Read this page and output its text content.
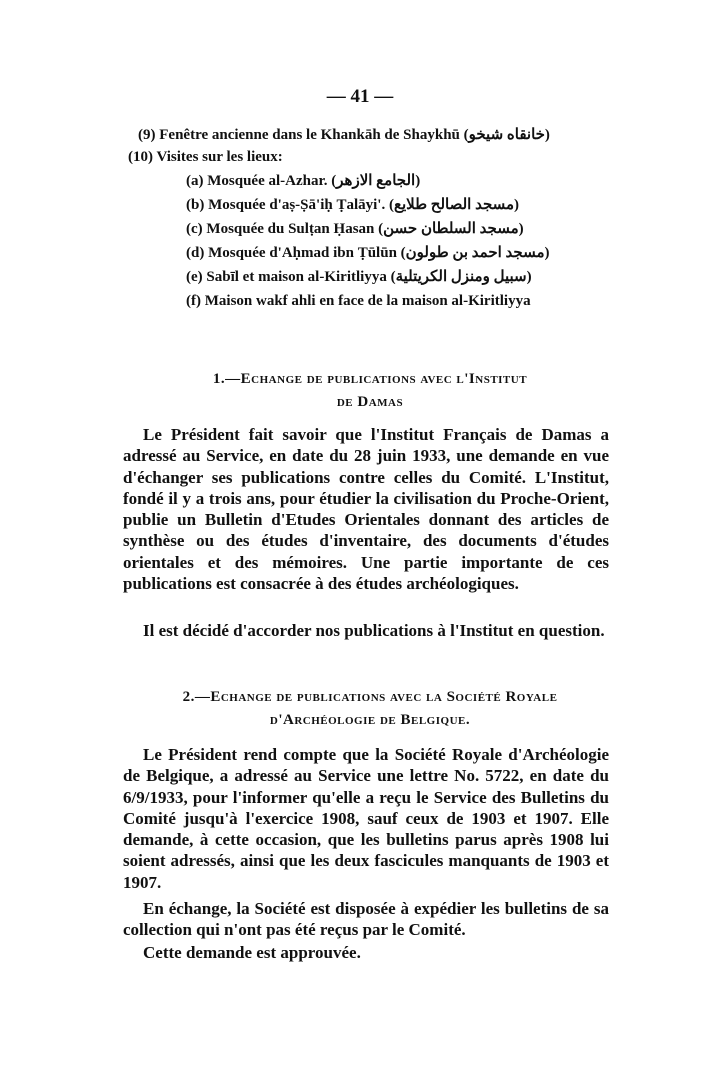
— 41 —
(9) Fenêtre ancienne dans le Khankāh de Shaykhū (خانقاه شيخو)
(10) Visites sur les lieux:
(a) Mosquée al-Azhar. (الجامع الازهر)
(b) Mosquée d'aṣ-Ṣā'iḥ Ṭalāyi'. (مسجد الصالح طلايع)
(c) Mosquée du Sulṭan Ḥasan (مسجد السلطان حسن)
(d) Mosquée d'Aḥmad ibn Ṭūlūn (مسجد احمد بن طولون)
(e) Sabīl et maison al-Kiritliyya (سبيل ومنزل الكريتلية)
(f) Maison wakf ahli en face de la maison al-Kiritliyya
1.—Echange de publications avec l'Institut
de Damas
Le Président fait savoir que l'Institut Français de Damas a adressé au Service, en date du 28 juin 1933, une demande en vue d'échanger ses publications contre celles du Comité. L'Institut, fondé il y a trois ans, pour étudier la civilisation du Proche-Orient, publie un Bulletin d'Etudes Orientales donnant des articles de synthèse ou des études d'inventaire, des documents d'études orientales et des mémoires. Une partie importante de ces publications est consacrée à des études archéologiques.
Il est décidé d'accorder nos publications à l'Institut en question.
2.—Echange de publications avec la Société Royale
d'Archéologie de Belgique.
Le Président rend compte que la Société Royale d'Archéologie de Belgique, a adressé au Service une lettre No. 5722, en date du 6/9/1933, pour l'informer qu'elle a reçu le Service des Bulletins du Comité jusqu'à l'exercice 1908, sauf ceux de 1903 et 1907. Elle demande, à cette occasion, que les bulletins parus après 1908 lui soient adressés, ainsi que les deux fascicules manquants de 1903 et 1907.
En échange, la Société est disposée à expédier les bulletins de sa collection qui n'ont pas été reçus par le Comité.
Cette demande est approuvée.
